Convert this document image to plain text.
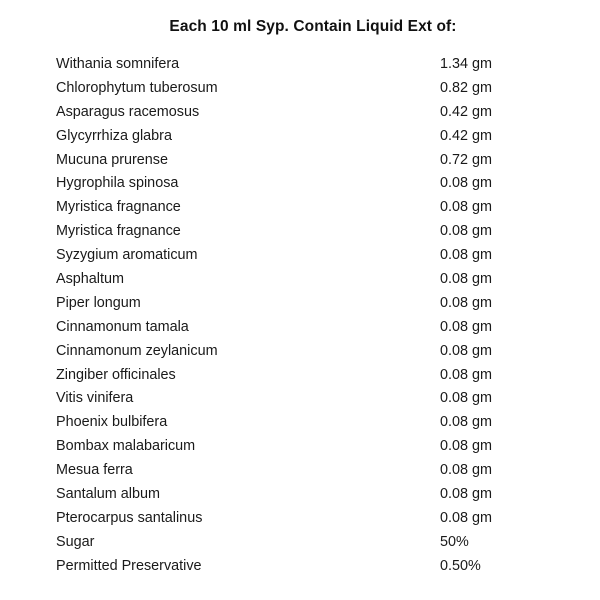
Each 10 ml Syp. Contain Liquid Ext of:
Withania somnifera	1.34 gm
Chlorophytum tuberosum	0.82 gm
Asparagus racemosus	0.42 gm
Glycyrrhiza glabra	0.42 gm
Mucuna prurense	0.72 gm
Hygrophila spinosa	0.08 gm
Myristica fragnance	0.08 gm
Myristica fragnance	0.08 gm
Syzygium aromaticum	0.08 gm
Asphaltum	0.08 gm
Piper longum	0.08 gm
Cinnamonum tamala	0.08 gm
Cinnamonum zeylanicum	0.08 gm
Zingiber officinales	0.08 gm
Vitis vinifera	0.08 gm
Phoenix bulbifera	0.08 gm
Bombax malabaricum	0.08 gm
Mesua ferra	0.08 gm
Santalum album	0.08 gm
Pterocarpus santalinus	0.08 gm
Sugar	50%
Permitted Preservative	0.50%
